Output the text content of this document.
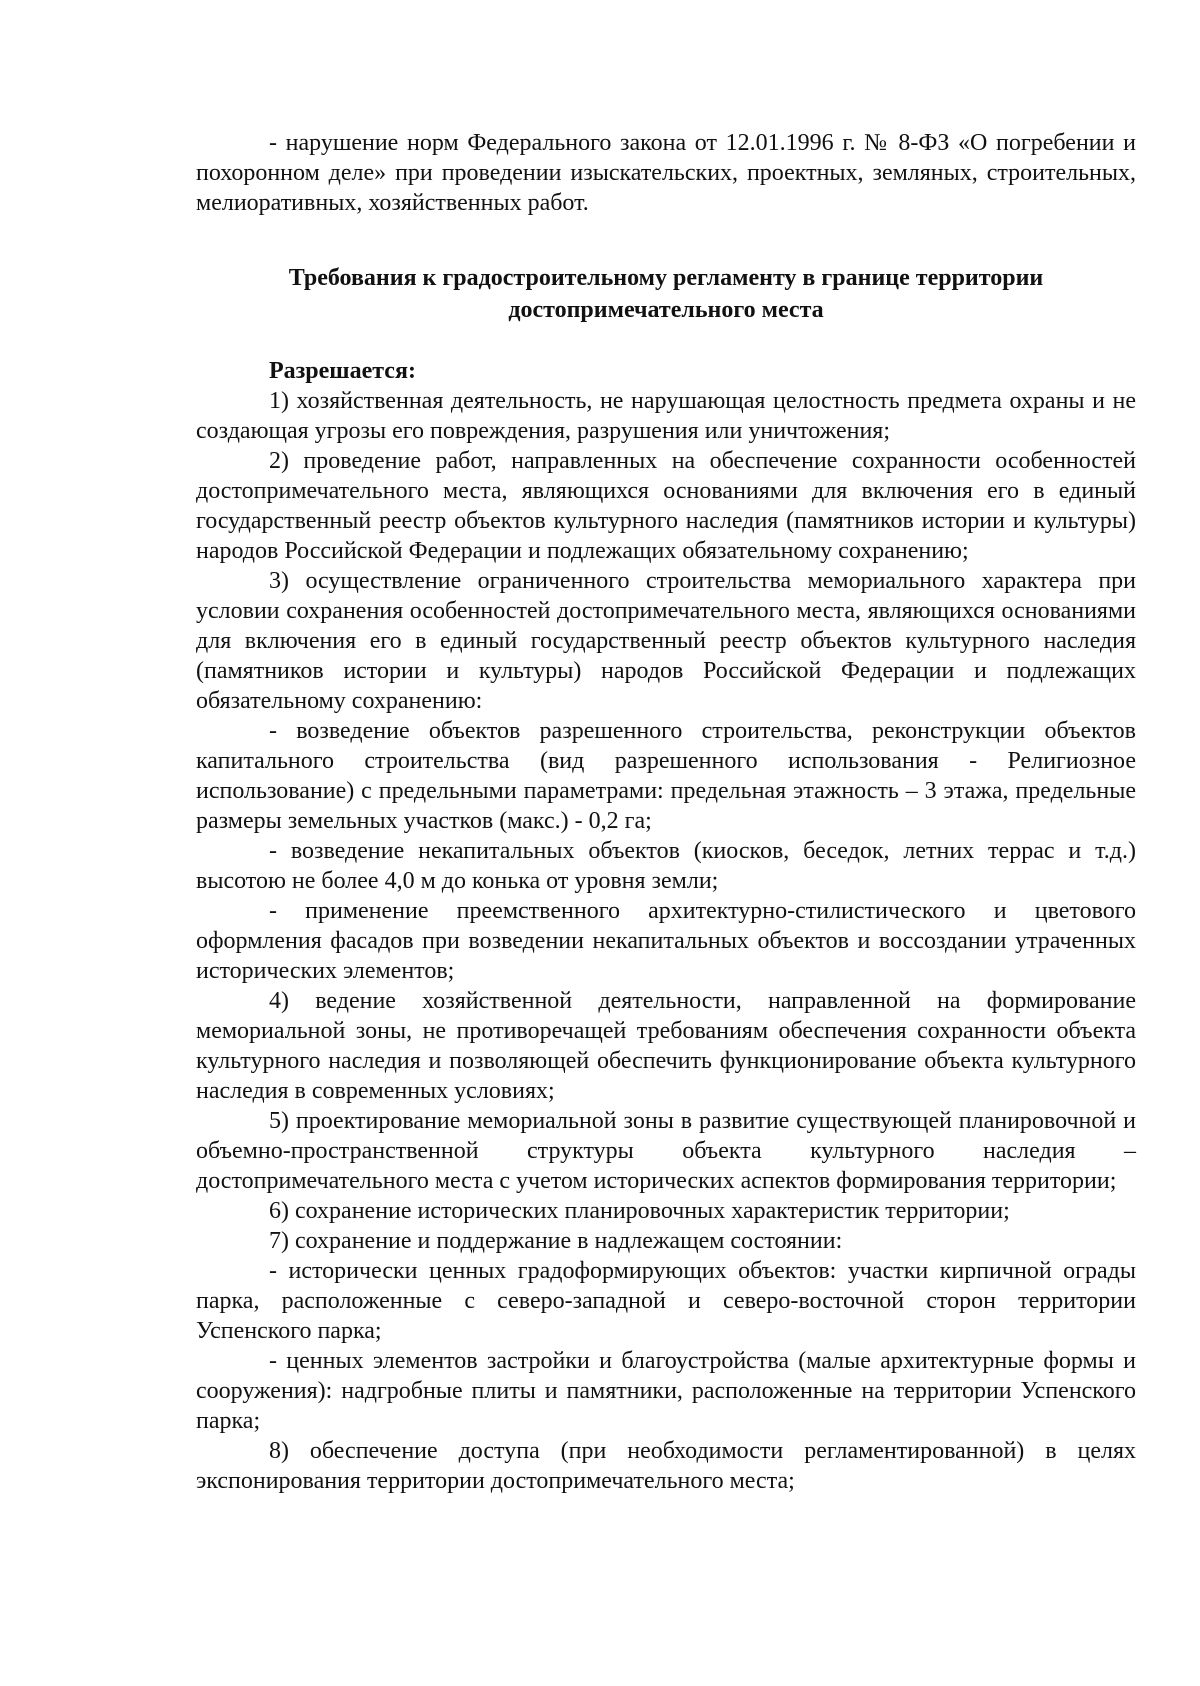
- нарушение норм Федерального закона от 12.01.1996 г. № 8-ФЗ «О погребении и похоронном деле» при проведении изыскательских, проектных, земляных, строительных, мелиоративных, хозяйственных работ.

Требования к градостроительному регламенту в границе территории
достопримечательного места

Разрешается:

1) хозяйственная деятельность, не нарушающая целостность предмета охраны и не создающая угрозы его повреждения, разрушения или уничтожения;

2) проведение работ, направленных на обеспечение сохранности особенностей достопримечательного места, являющихся основаниями для включения его в единый государственный реестр объектов культурного наследия (памятников истории и культуры) народов Российской Федерации и подлежащих обязательному сохранению;

3) осуществление ограниченного строительства мемориального характера при условии сохранения особенностей достопримечательного места, являющихся основаниями для включения его в единый государственный реестр объектов культурного наследия (памятников истории и культуры) народов Российской Федерации и подлежащих обязательному сохранению:

- возведение объектов разрешенного строительства, реконструкции объектов капитального строительства (вид разрешенного использования - Религиозное использование) с предельными параметрами: предельная этажность – 3 этажа, предельные размеры земельных участков (макс.) - 0,2 га;

- возведение некапитальных объектов (киосков, беседок, летних террас и т.д.) высотою не более 4,0 м до конька от уровня земли;

- применение преемственного архитектурно-стилистического и цветового оформления фасадов при возведении некапитальных объектов и воссоздании утраченных исторических элементов;

4) ведение хозяйственной деятельности, направленной на формирование мемориальной зоны, не противоречащей требованиям обеспечения сохранности объекта культурного наследия и позволяющей обеспечить функционирование объекта культурного наследия в современных условиях;

5) проектирование мемориальной зоны в развитие существующей планировочной и объемно-пространственной структуры объекта культурного наследия – достопримечательного места с учетом исторических аспектов формирования территории;

6) сохранение исторических планировочных характеристик территории;

7) сохранение и поддержание в надлежащем состоянии:

- исторически ценных градоформирующих объектов: участки кирпичной ограды парка, расположенные с северо-западной и северо-восточной сторон территории Успенского парка;

- ценных элементов застройки и благоустройства (малые архитектурные формы и сооружения): надгробные плиты и памятники, расположенные на территории Успенского парка;

8) обеспечение доступа (при необходимости регламентированной) в целях экспонирования территории достопримечательного места;
